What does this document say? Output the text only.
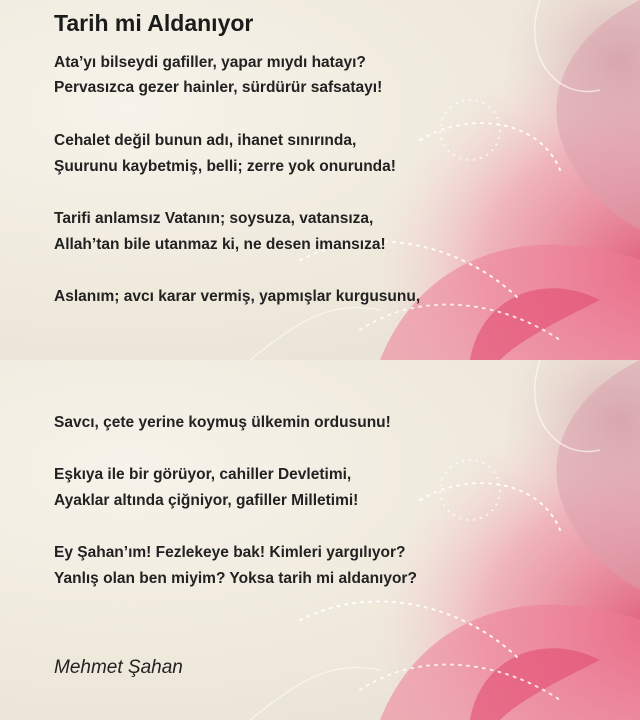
Tarih mi Aldanıyor
Ata’yı bilseydi gafiller, yapar mıydı hatayı?
Pervasızca gezer hainler, sürdürür safsatayı!
Cehalet değil bunun adı, ihanet sınırında,
Şuurunu kaybetmiş, belli; zerre yok onurunda!
Tarifi anlamsız Vatanın; soysuza, vatansıza,
Allah’tan bile utanmaz ki, ne desen imansıza!
Aslanım; avcı karar vermiş, yapmışlar kurgusunu,
Savcı, çete yerine koymuş ülkemin ordusunu!
Eşkıya ile bir görüyor, cahiller Devletimi,
Ayaklar altında çiğniyor, gafiller Milletimi!
Ey Şahan’ım! Fezlekeye bak! Kimleri yargılıyor?
Yanlış olan ben miyim? Yoksa tarih mi aldanıyor?
Mehmet Şahan
